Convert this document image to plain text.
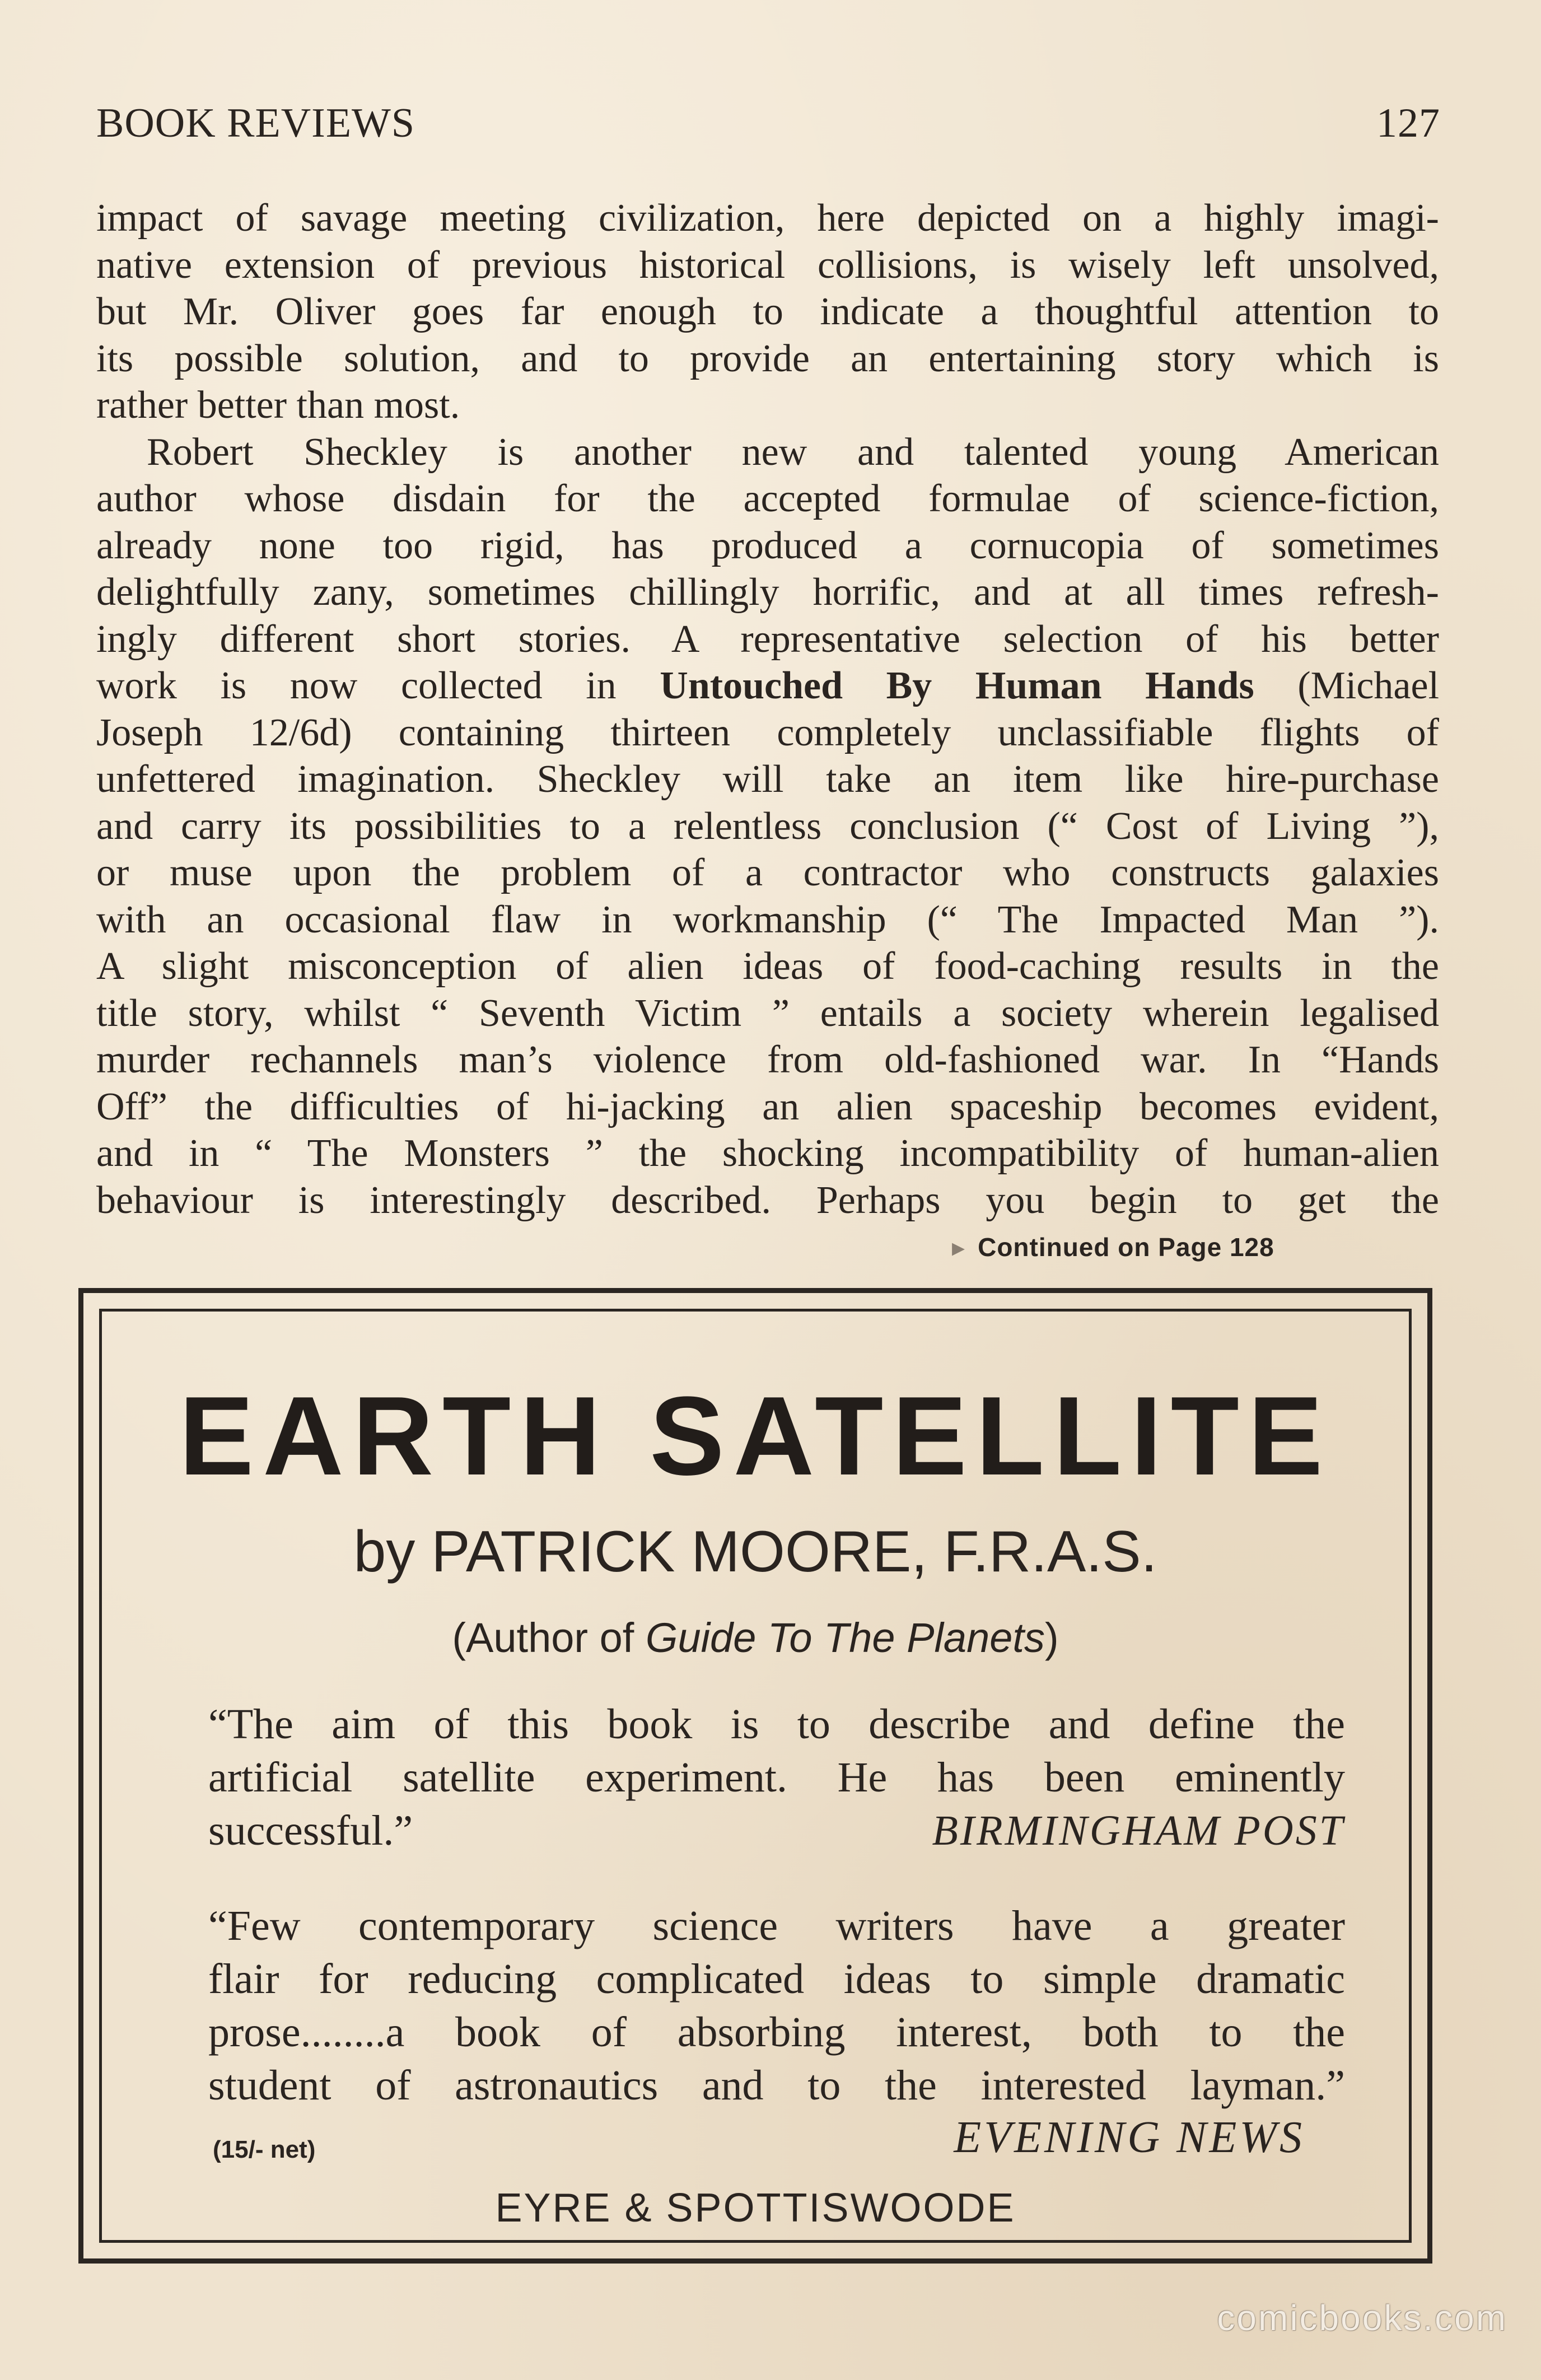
BOOK REVIEWS	127
impact of savage meeting civilization, here depicted on a highly imagi-
native extension of previous historical collisions, is wisely left unsolved,
but Mr. Oliver goes far enough to indicate a thoughtful attention to
its possible solution, and to provide an entertaining story which is
rather better than most.
Robert Sheckley is another new and talented young American
author whose disdain for the accepted formulae of science-fiction,
already none too rigid, has produced a cornucopia of sometimes
delightfully zany, sometimes chillingly horrific, and at all times refresh-
ingly different short stories. A representative selection of his better
work is now collected in Untouched By Human Hands (Michael
Joseph 12/6d) containing thirteen completely unclassifiable flights of
unfettered imagination. Sheckley will take an item like hire-purchase
and carry its possibilities to a relentless conclusion (“ Cost of Living ”),
or muse upon the problem of a contractor who constructs galaxies
with an occasional flaw in workmanship (“ The Impacted Man ”).
A slight misconception of alien ideas of food-caching results in the
title story, whilst “ Seventh Victim ” entails a society wherein legalised
murder rechannels man’s violence from old-fashioned war. In “Hands
Off” the difficulties of hi-jacking an alien spaceship becomes evident,
and in “ The Monsters ” the shocking incompatibility of human-alien
behaviour is interestingly described. Perhaps you begin to get the
▸ Continued on Page 128
EARTH SATELLITE
by PATRICK MOORE, F.R.A.S.
(Author of Guide To The Planets)
“The aim of this book is to describe and define the
artificial satellite experiment. He has been eminently
successful.”	BIRMINGHAM POST
“Few contemporary science writers have a greater
flair for reducing complicated ideas to simple dramatic
prose........a book of absorbing interest, both to the
student of astronautics and to the interested layman.”
(15/- net)	EVENING NEWS
EYRE & SPOTTISWOODE
comicbooks.com
